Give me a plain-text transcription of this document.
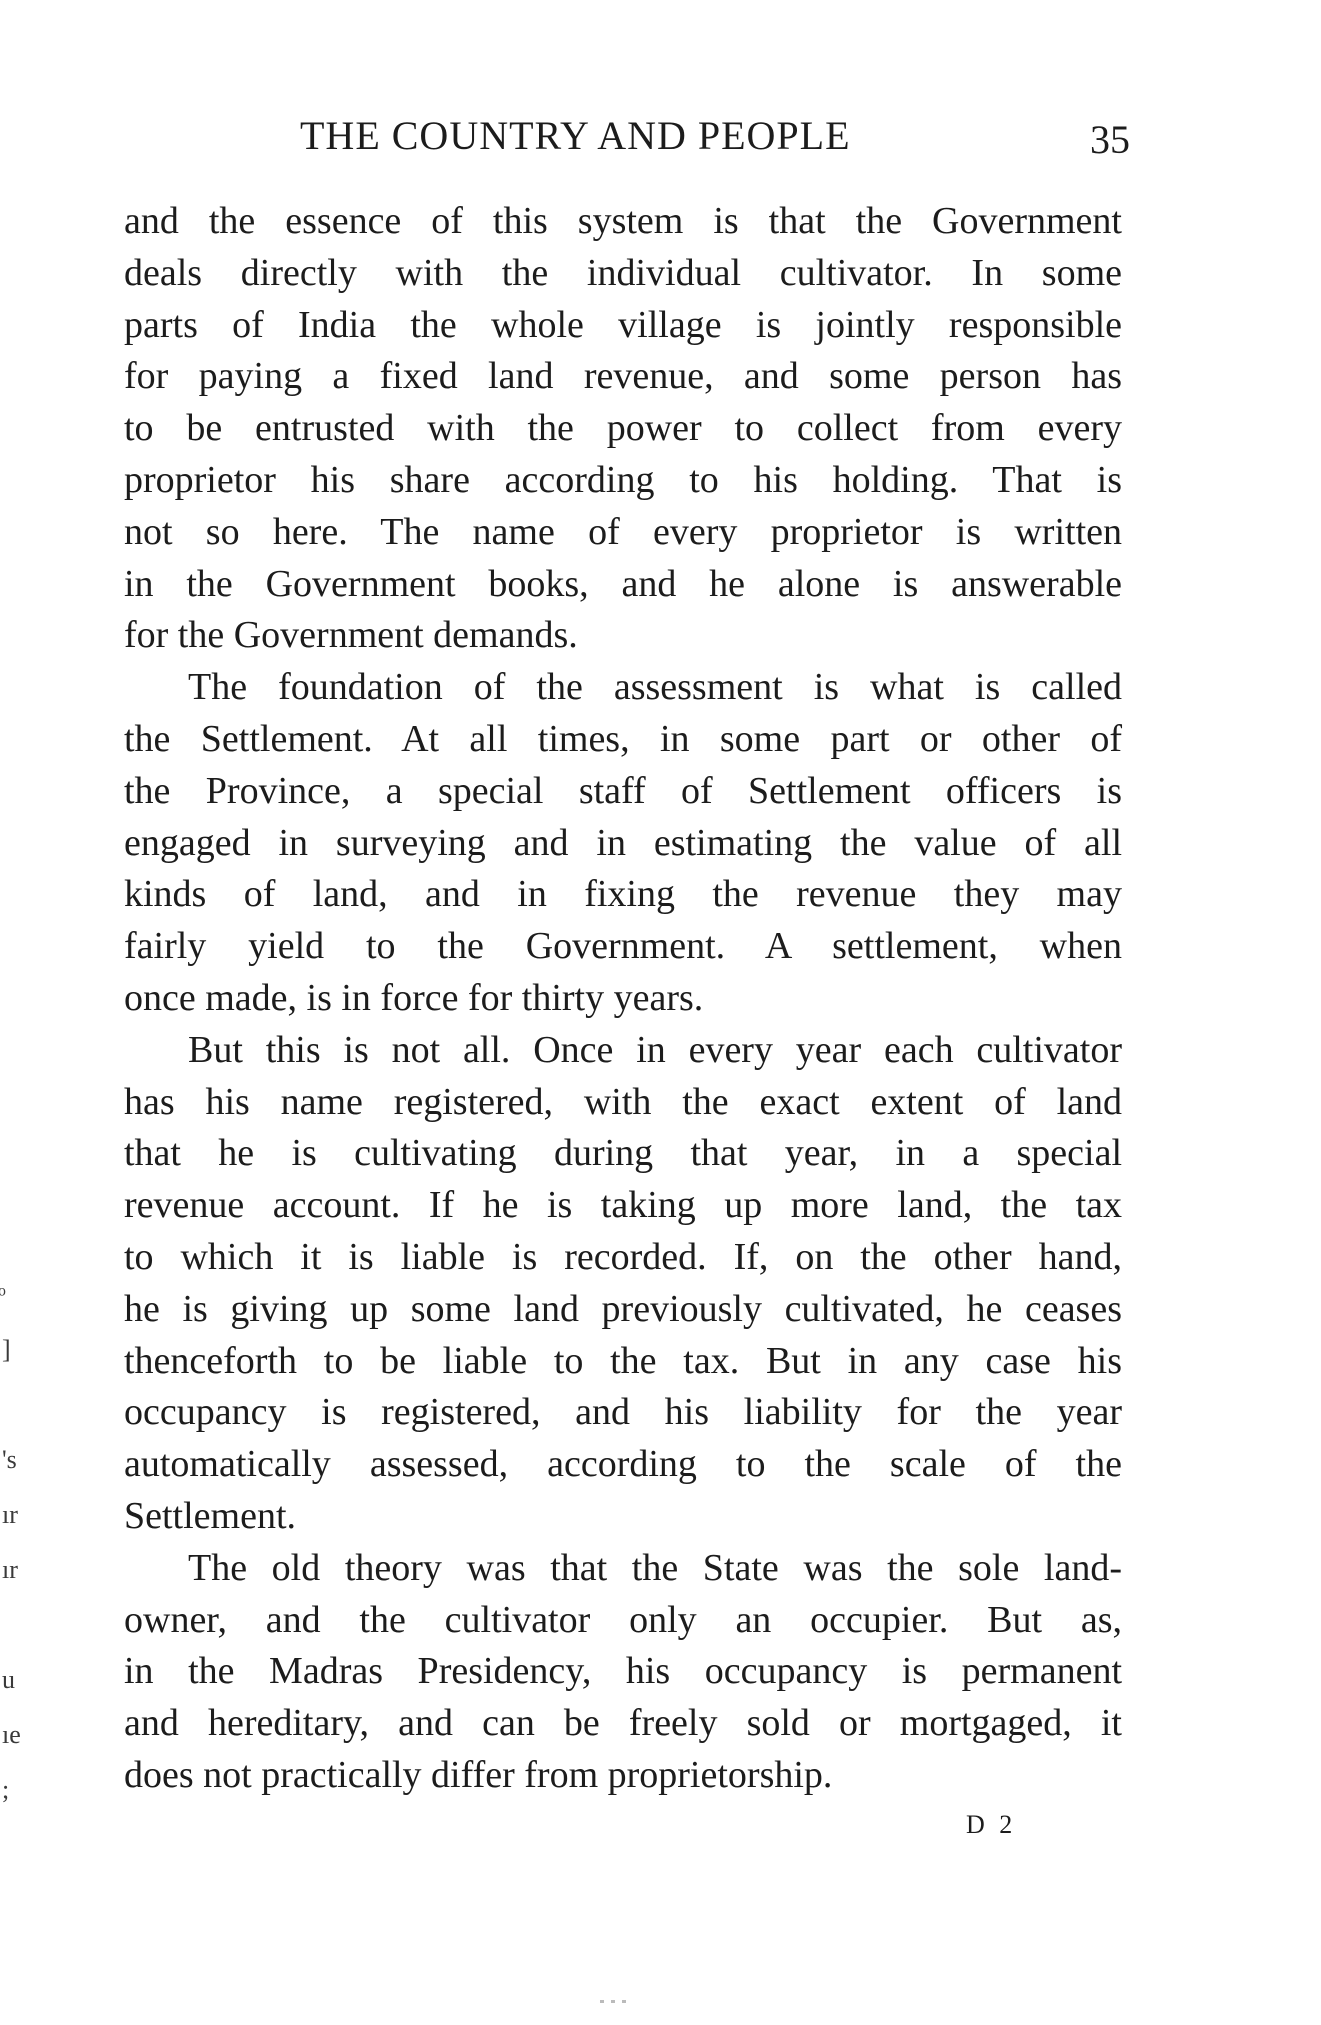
THE COUNTRY AND PEOPLE	35
and the essence of this system is that the Government
deals directly with the individual cultivator. In some
parts of India the whole village is jointly responsible
for paying a fixed land revenue, and some person has
to be entrusted with the power to collect from every
proprietor his share according to his holding. That is
not so here. The name of every proprietor is written
in the Government books, and he alone is answerable
for the Government demands.
The foundation of the assessment is what is called
the Settlement. At all times, in some part or other of
the Province, a special staff of Settlement officers is
engaged in surveying and in estimating the value of all
kinds of land, and in fixing the revenue they may
fairly yield to the Government. A settlement, when
once made, is in force for thirty years.
But this is not all. Once in every year each cultivator
has his name registered, with the exact extent of land
that he is cultivating during that year, in a special
revenue account. If he is taking up more land, the tax
to which it is liable is recorded. If, on the other hand,
he is giving up some land previously cultivated, he ceases
thenceforth to be liable to the tax. But in any case his
occupancy is registered, and his liability for the year
automatically assessed, according to the scale of the
Settlement.
The old theory was that the State was the sole land-
owner, and the cultivator only an occupier. But as,
in the Madras Presidency, his occupancy is permanent
and hereditary, and can be freely sold or mortgaged, it
does not practically differ from proprietorship.
D 2
]
's
ır
ır
u
ıe
;
